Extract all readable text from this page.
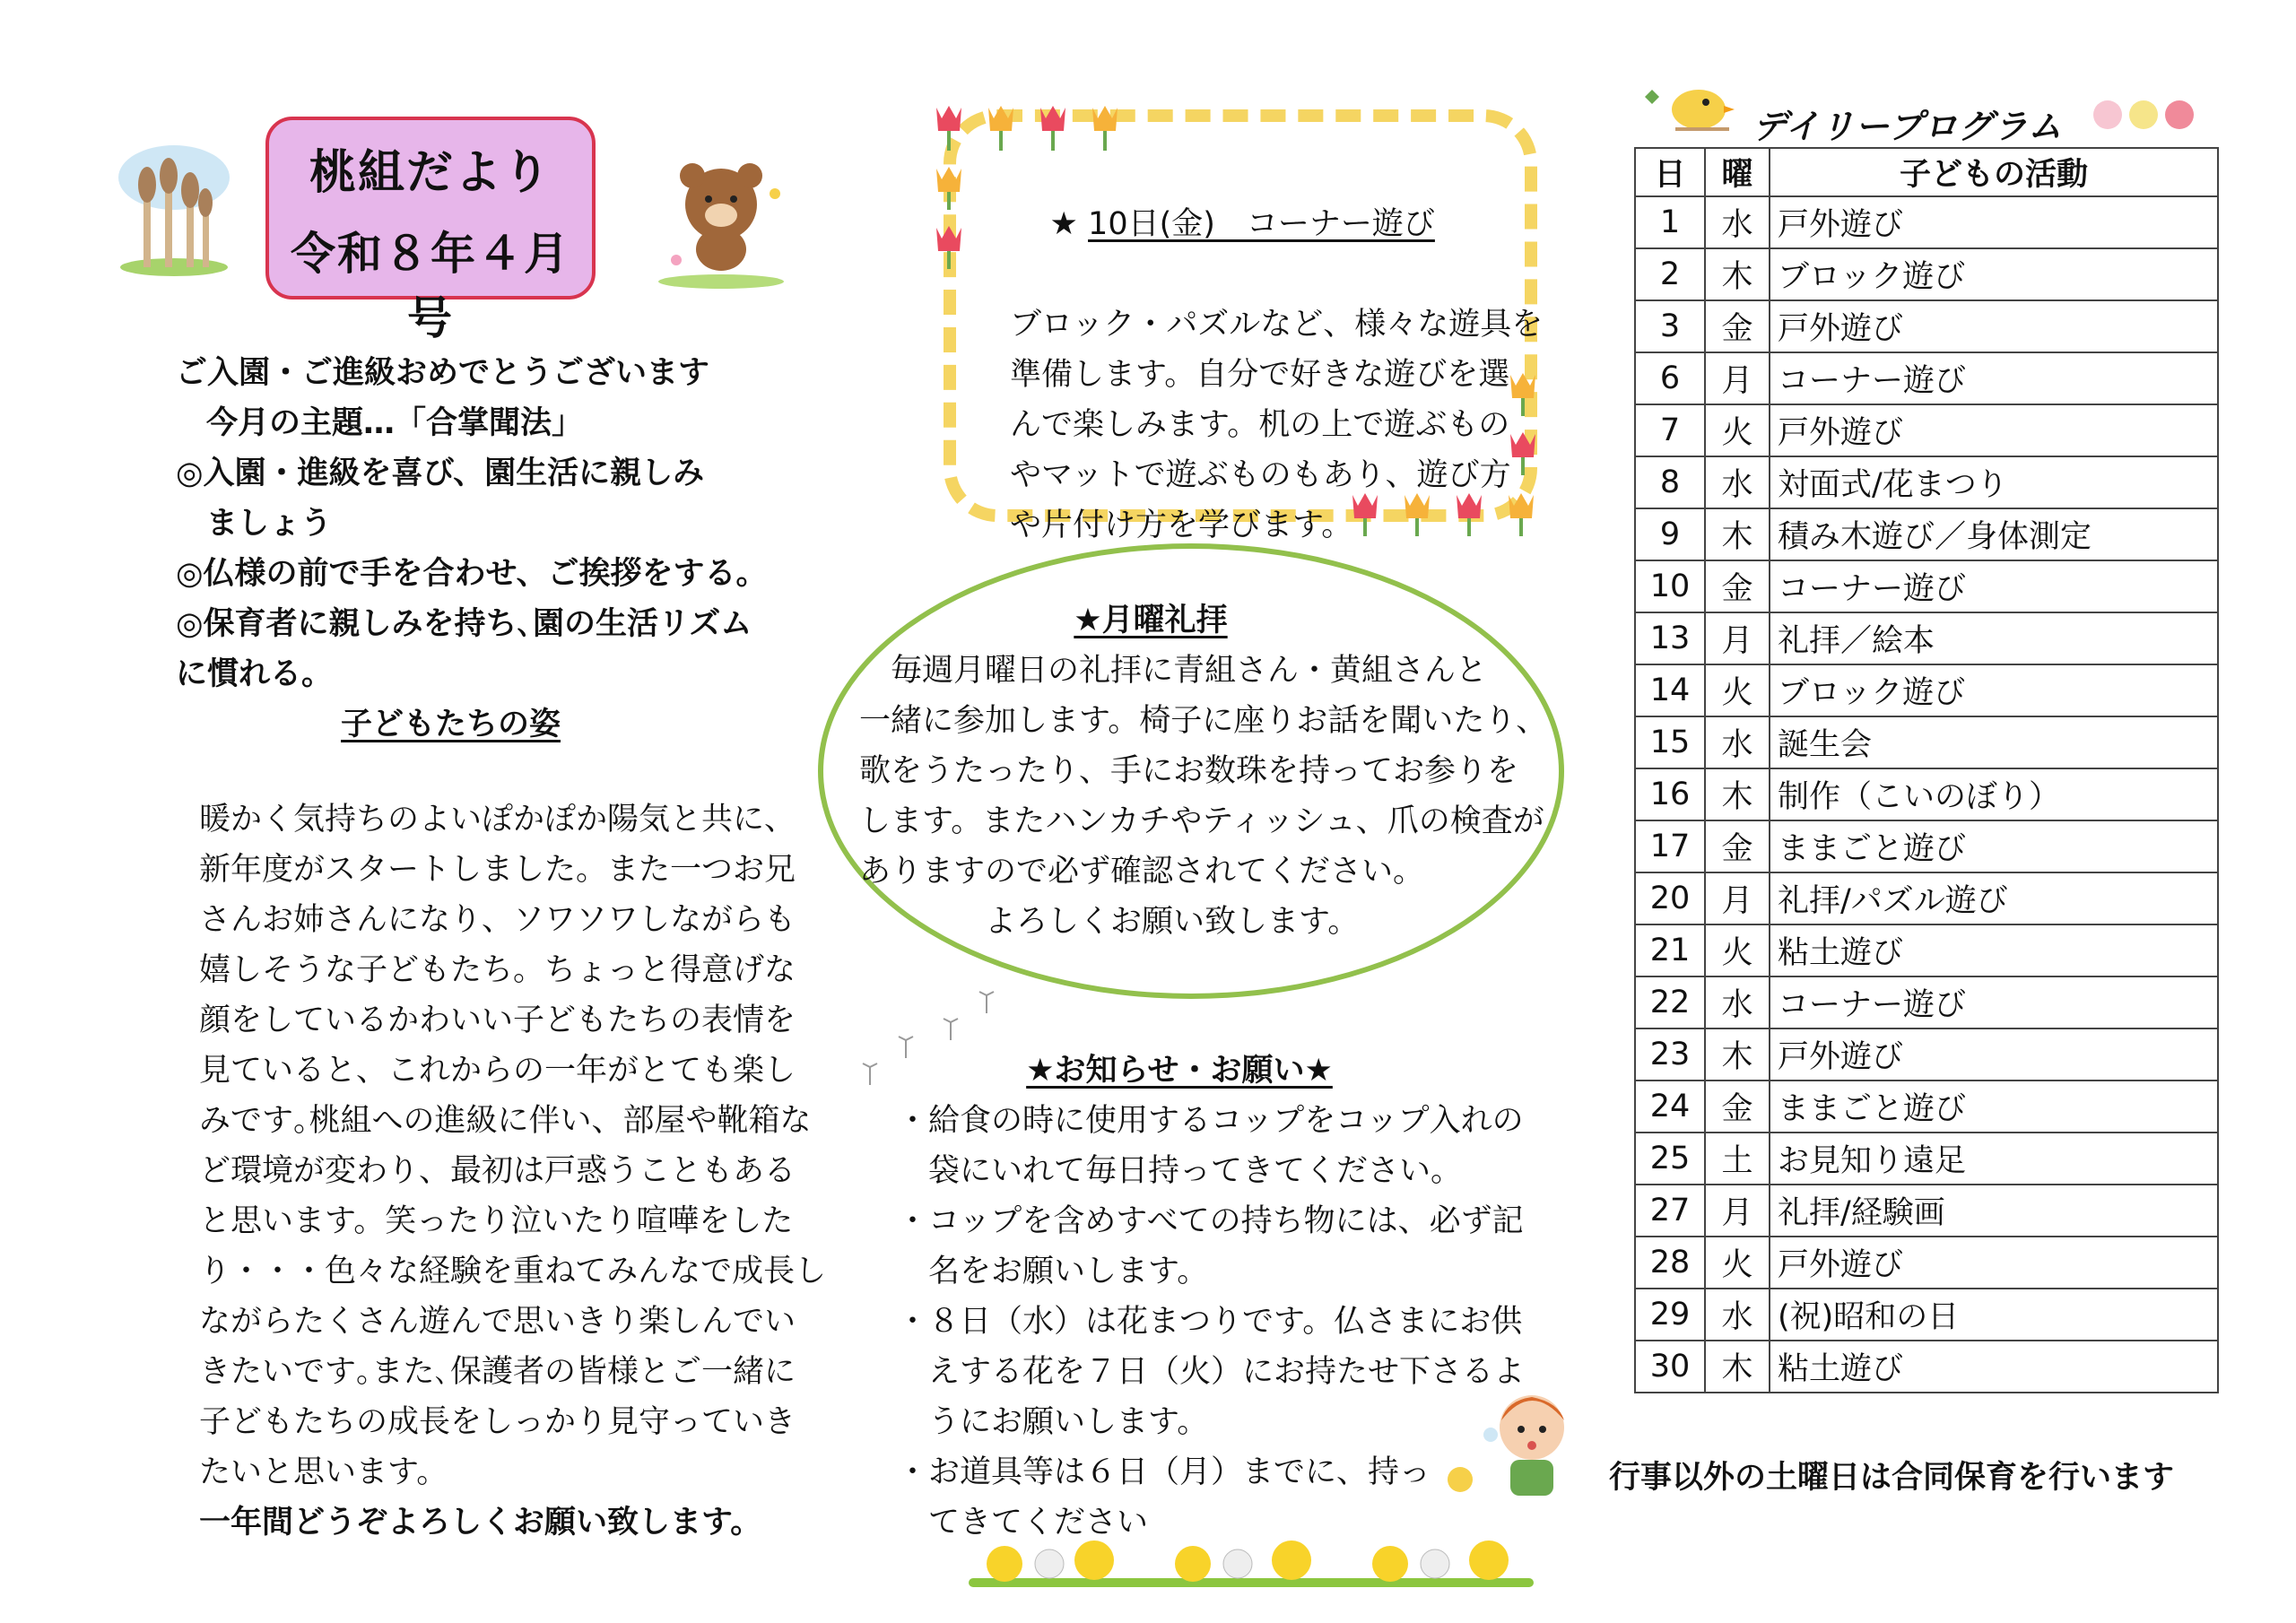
桃組だより
令和８年４月号
ご入園・ご進級おめでとうございます
今月の主題…「合掌聞法」
◎入園・進級を喜び、園生活に親しみ
ましょう
◎仏様の前で手を合わせ、ご挨拶をする。
◎保育者に親しみを持ち､園の生活リズム
に慣れる。
子どもたちの姿
暖かく気持ちのよいぽかぽか陽気と共に、
新年度がスタートしました。また一つお兄
さんお姉さんになり、ソワソワしながらも
嬉しそうな子どもたち。ちょっと得意げな
顔をしているかわいい子どもたちの表情を
見ていると、これからの一年がとても楽し
みです｡桃組への進級に伴い、部屋や靴箱な
ど環境が変わり、最初は戸惑うこともある
と思います。笑ったり泣いたり喧嘩をした
り・・・色々な経験を重ねてみんなで成長し
ながらたくさん遊んで思いきり楽しんでい
きたいです｡また､保護者の皆様とご一緒に
子どもたちの成長をしっかり見守っていき
たいと思います。
一年間どうぞよろしくお願い致します。

★ 10日(金)　コーナー遊び

ブロック・パズルなど、様々な遊具を
準備します。自分で好きな遊びを選
んで楽しみます。机の上で遊ぶもの
やマットで遊ぶものもあり、遊び方
や片付け方を学びます。
★月曜礼拝
　毎週月曜日の礼拝に青組さん・黄組さんと
一緒に参加します。椅子に座りお話を聞いたり、
歌をうたったり、手にお数珠を持ってお参りを
します。またハンカチやティッシュ、爪の検査が
ありますので必ず確認されてください。
　　　　よろしくお願い致します。
★お知らせ・お願い★
・給食の時に使用するコップをコップ入れの
　袋にいれて毎日持ってきてください。
・コップを含めすべての持ち物には、必ず記
　名をお願いします。
・８日（水）は花まつりです。仏さまにお供
　えする花を７日（火）にお持たせ下さるよ
　うにお願いします。
・お道具等は６日（月）までに、持っ
　てきてください
デイリープログラム
日	曜	子どもの活動
1	水	戸外遊び
2	木	ブロック遊び
3	金	戸外遊び
6	月	コーナー遊び
7	火	戸外遊び
8	水	対面式/花まつり
9	木	積み木遊び／身体測定
10	金	コーナー遊び
13	月	礼拝／絵本
14	火	ブロック遊び
15	水	誕生会
16	木	制作（こいのぼり）
17	金	ままごと遊び
20	月	礼拝/パズル遊び
21	火	粘土遊び
22	水	コーナー遊び
23	木	戸外遊び
24	金	ままごと遊び
25	土	お見知り遠足
27	月	礼拝/経験画
28	火	戸外遊び
29	水	(祝)昭和の日
30	木	粘土遊び
行事以外の土曜日は合同保育を行います
